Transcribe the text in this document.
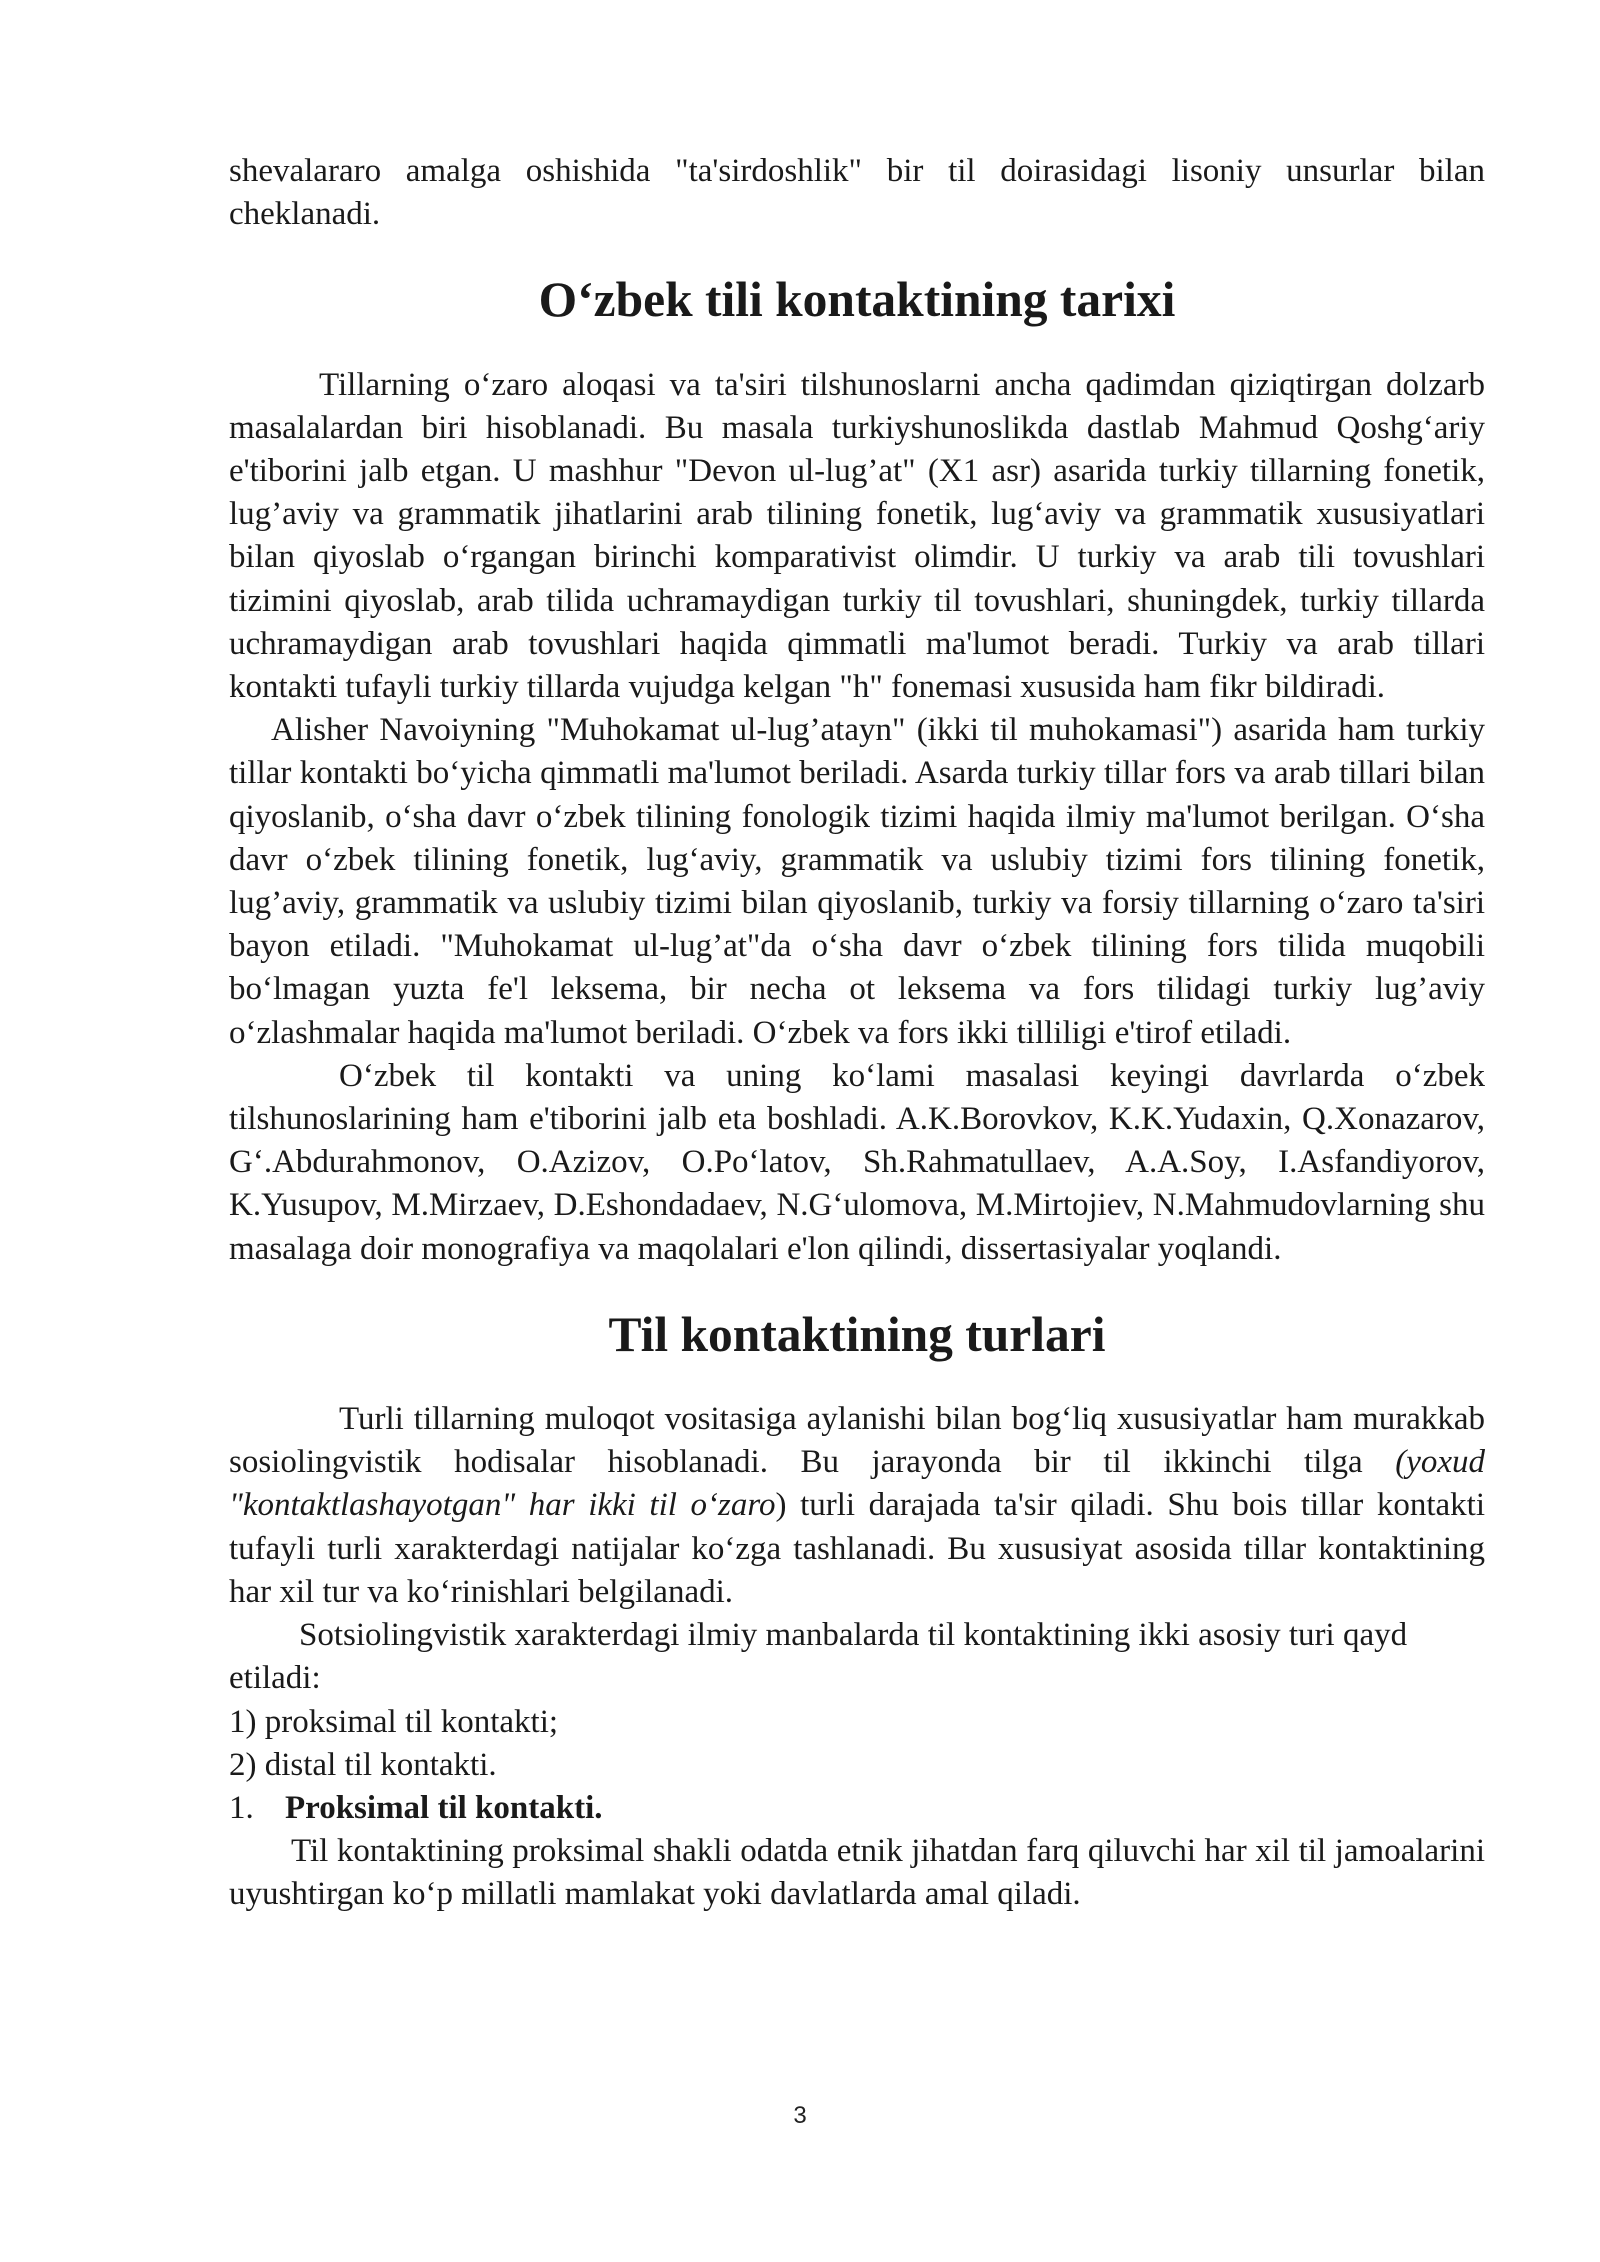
shevalararo amalga oshishida "ta'sirdoshlik" bir til doirasidagi lisoniy unsurlar bilan cheklanadi.

O‘zbek tili kontaktining tarixi

Tillarning o‘zaro aloqasi va ta'siri tilshunoslarni ancha qadimdan qiziqtirgan dolzarb masalalardan biri hisoblanadi. Bu masala turkiyshunoslikda dastlab Mahmud Qoshg‘ariy e'tiborini jalb etgan. U mashhur "Devon ul-lug’at" (X1 asr) asarida turkiy tillarning fonetik, lug’aviy va grammatik jihatlarini arab tilining fonetik, lug‘aviy va grammatik xususiyatlari bilan qiyoslab o‘rgangan birinchi komparativist olimdir. U turkiy va arab tili tovushlari tizimini qiyoslab, arab tilida uchramaydigan turkiy til tovushlari, shuningdek, turkiy tillarda uchramaydigan arab tovushlari haqida qimmatli ma'lumot beradi. Turkiy va arab tillari kontakti tufayli turkiy tillarda vujudga kelgan "h" fonemasi xususida ham fikr bildiradi.

Alisher Navoiyning "Muhokamat ul-lug’atayn" (ikki til muhokamasi") asarida ham turkiy tillar kontakti bo‘yicha qimmatli ma'lumot beriladi. Asarda turkiy tillar fors va arab tillari bilan qiyoslanib, o‘sha davr o‘zbek tilining fonologik tizimi haqida ilmiy ma'lumot berilgan. O‘sha davr o‘zbek tilining fonetik, lug‘aviy, grammatik va uslubiy tizimi fors tilining fonetik, lug’aviy, grammatik va uslubiy tizimi bilan qiyoslanib, turkiy va forsiy tillarning o‘zaro ta'siri bayon etiladi. "Muhokamat ul-lug’at"da o‘sha davr o‘zbek tilining fors tilida muqobili bo‘lmagan yuzta fe'l leksema, bir necha ot leksema va fors tilidagi turkiy lug’aviy o‘zlashmalar haqida ma'lumot beriladi. O‘zbek va fors ikki tilliligi e'tirof etiladi.

O‘zbek til kontakti va uning ko‘lami masalasi keyingi davrlarda o‘zbek tilshunoslarining ham e'tiborini jalb eta boshladi. A.K.Borovkov, K.K.Yudaxin, Q.Xonazarov, G‘.Abdurahmonov, O.Azizov, O.Po‘latov, Sh.Rahmatullaev, A.A.Soy, I.Asfandiyorov, K.Yusupov, M.Mirzaev, D.Eshondadaev, N.G‘ulomova, M.Mirtojiev, N.Mahmudovlarning shu masalaga doir monografiya va maqolalari e'lon qilindi, dissertasiyalar yoqlandi.

Til kontaktining turlari

Turli tillarning muloqot vositasiga aylanishi bilan bog‘liq xususiyatlar ham murakkab sosiolingvistik hodisalar hisoblanadi. Bu jarayonda bir til ikkinchi tilga (yoxud "kontaktlashayotgan" har ikki til o‘zaro) turli darajada ta'sir qiladi. Shu bois tillar kontakti tufayli turli xarakterdagi natijalar ko‘zga tashlanadi. Bu xususiyat asosida tillar kontaktining har xil tur va ko‘rinishlari belgilanadi.

Sotsiolingvistik xarakterdagi ilmiy manbalarda til kontaktining ikki asosiy turi qayd etiladi:

1) proksimal til kontakti;

2) distal til kontakti.

1. Proksimal til kontakti.

Til kontaktining proksimal shakli odatda etnik jihatdan farq qiluvchi har xil til jamoalarini uyushtirgan ko‘p millatli mamlakat yoki davlatlarda amal qiladi.

3
